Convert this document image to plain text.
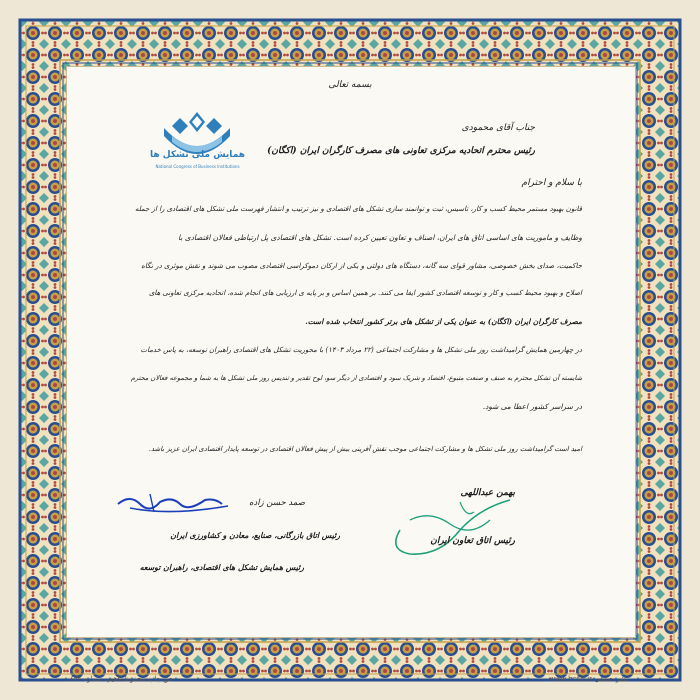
بسمه تعالی
همایش ملی تشکل ها
National Congress of Business Institutions
جناب آقای محمودی
رئیس محترم اتحادیه مرکزی تعاونی های مصرف کارگران ایران (اکگان)
با سلام و احترام
قانون بهبود مستمر محیط کسب و کار، تاسیس، ثبت و توانمند سازی تشکل های اقتصادی و نیز ترتیب و انتشار فهرست ملی تشکل های اقتصادی را از جمله
وظایف و ماموریت های اساسی اتاق های ایران، اصناف و تعاون تعیین کرده است. تشکل های اقتصادی پل ارتباطی فعالان اقتصادی با
حاکمیت، صدای بخش خصوصی، مشاور قوای سه گانه، دستگاه های دولتی و یکی از ارکان دموکراسی اقتصادی مصوب می شوند و نقش موثری در نگاه
اصلاح و بهبود محیط کسب و کار و توسعه اقتصادی کشور ایفا می کنند. بر همین اساس و بر پایه ی ارزیابی های انجام شده، اتحادیه مرکزی تعاونی های
مصرف کارگران ایران (اکگان) به عنوان یکی از تشکل های برتر کشور انتخاب شده است.
در چهارمین همایش گرامیداشت روز ملی تشکل ها و مشارکت اجتماعی (۲۲ مرداد ۱۴۰۳) با محوریت تشکل های اقتصادی راهبران توسعه، به پاس خدمات
شایسته آن تشکل محترم به صنف و صنعت متبوع، اقتصاد و شریک سود و اقتصادی از دیگر سو، لوح تقدیر و تندیس روز ملی تشکل ها به شما و مجموعه فعالان محترم
در سراسر کشور اعطا می شود.
امید است گرامیداشت روز ملی تشکل ها و مشارکت اجتماعی موجب نقش آفرینی بیش از پیش فعالان اقتصادی در توسعه پایدار اقتصادی ایران عزیز باشد.
صمد حسن زاده
رئیس اتاق بازرگانی، صنایع، معادن و کشاورزی ایران
رئیس همایش تشکل های اقتصادی، راهبران توسعه
بهمن عبداللهی
رئیس اتاق تعاون ایران
حق چاپ محفوظ تاهیپ شماره ۶۷۲	www.hefzi.ir نشر حفظی
